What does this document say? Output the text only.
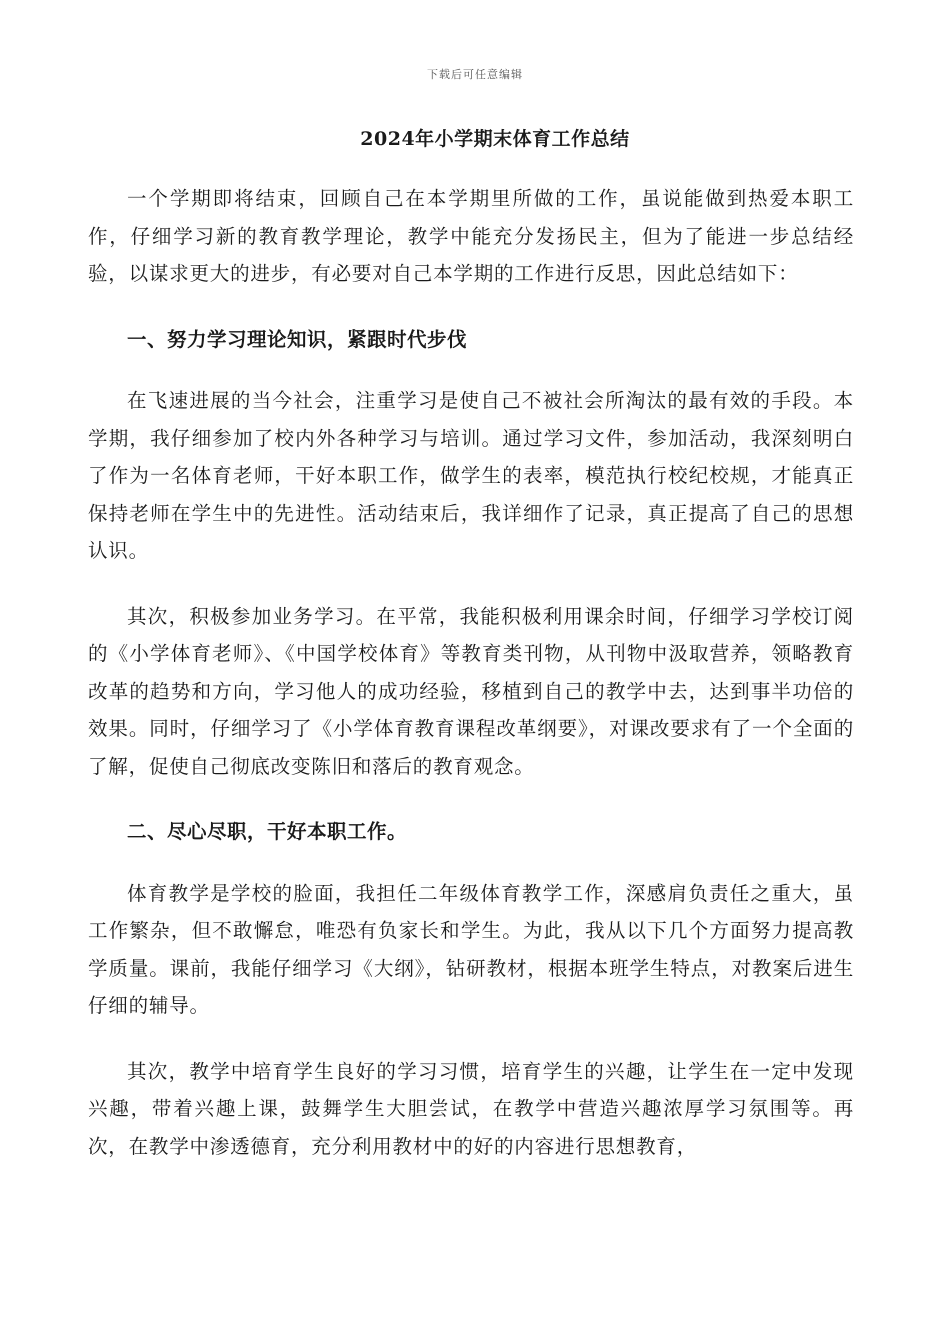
下载后可任意编辑
2024年小学期末体育工作总结

一个学期即将结束，回顾自己在本学期里所做的工作，虽说能做到热爱本职工作，仔细学习新的教育教学理论，教学中能充分发扬民主，但为了能进一步总结经验，以谋求更大的进步，有必要对自己本学期的工作进行反思，因此总结如下：

一、努力学习理论知识，紧跟时代步伐

在飞速进展的当今社会，注重学习是使自己不被社会所淘汰的最有效的手段。本学期，我仔细参加了校内外各种学习与培训。通过学习文件，参加活动，我深刻明白了作为一名体育老师，干好本职工作，做学生的表率，模范执行校纪校规，才能真正保持老师在学生中的先进性。活动结束后，我详细作了记录，真正提高了自己的思想认识。

其次，积极参加业务学习。在平常，我能积极利用课余时间，仔细学习学校订阅的《小学体育老师》、《中国学校体育》等教育类刊物，从刊物中汲取营养，领略教育改革的趋势和方向，学习他人的成功经验，移植到自己的教学中去，达到事半功倍的效果。同时，仔细学习了《小学体育教育课程改革纲要》，对课改要求有了一个全面的了解，促使自己彻底改变陈旧和落后的教育观念。

二、尽心尽职，干好本职工作。

体育教学是学校的脸面，我担任二年级体育教学工作，深感肩负责任之重大，虽工作繁杂，但不敢懈怠，唯恐有负家长和学生。为此，我从以下几个方面努力提高教学质量。课前，我能仔细学习《大纲》，钻研教材，根据本班学生特点，对教案后进生仔细的辅导。

其次，教学中培育学生良好的学习习惯，培育学生的兴趣，让学生在一定中发现兴趣，带着兴趣上课，鼓舞学生大胆尝试，在教学中营造兴趣浓厚学习氛围等。再次，在教学中渗透德育，充分利用教材中的好的内容进行思想教育，
